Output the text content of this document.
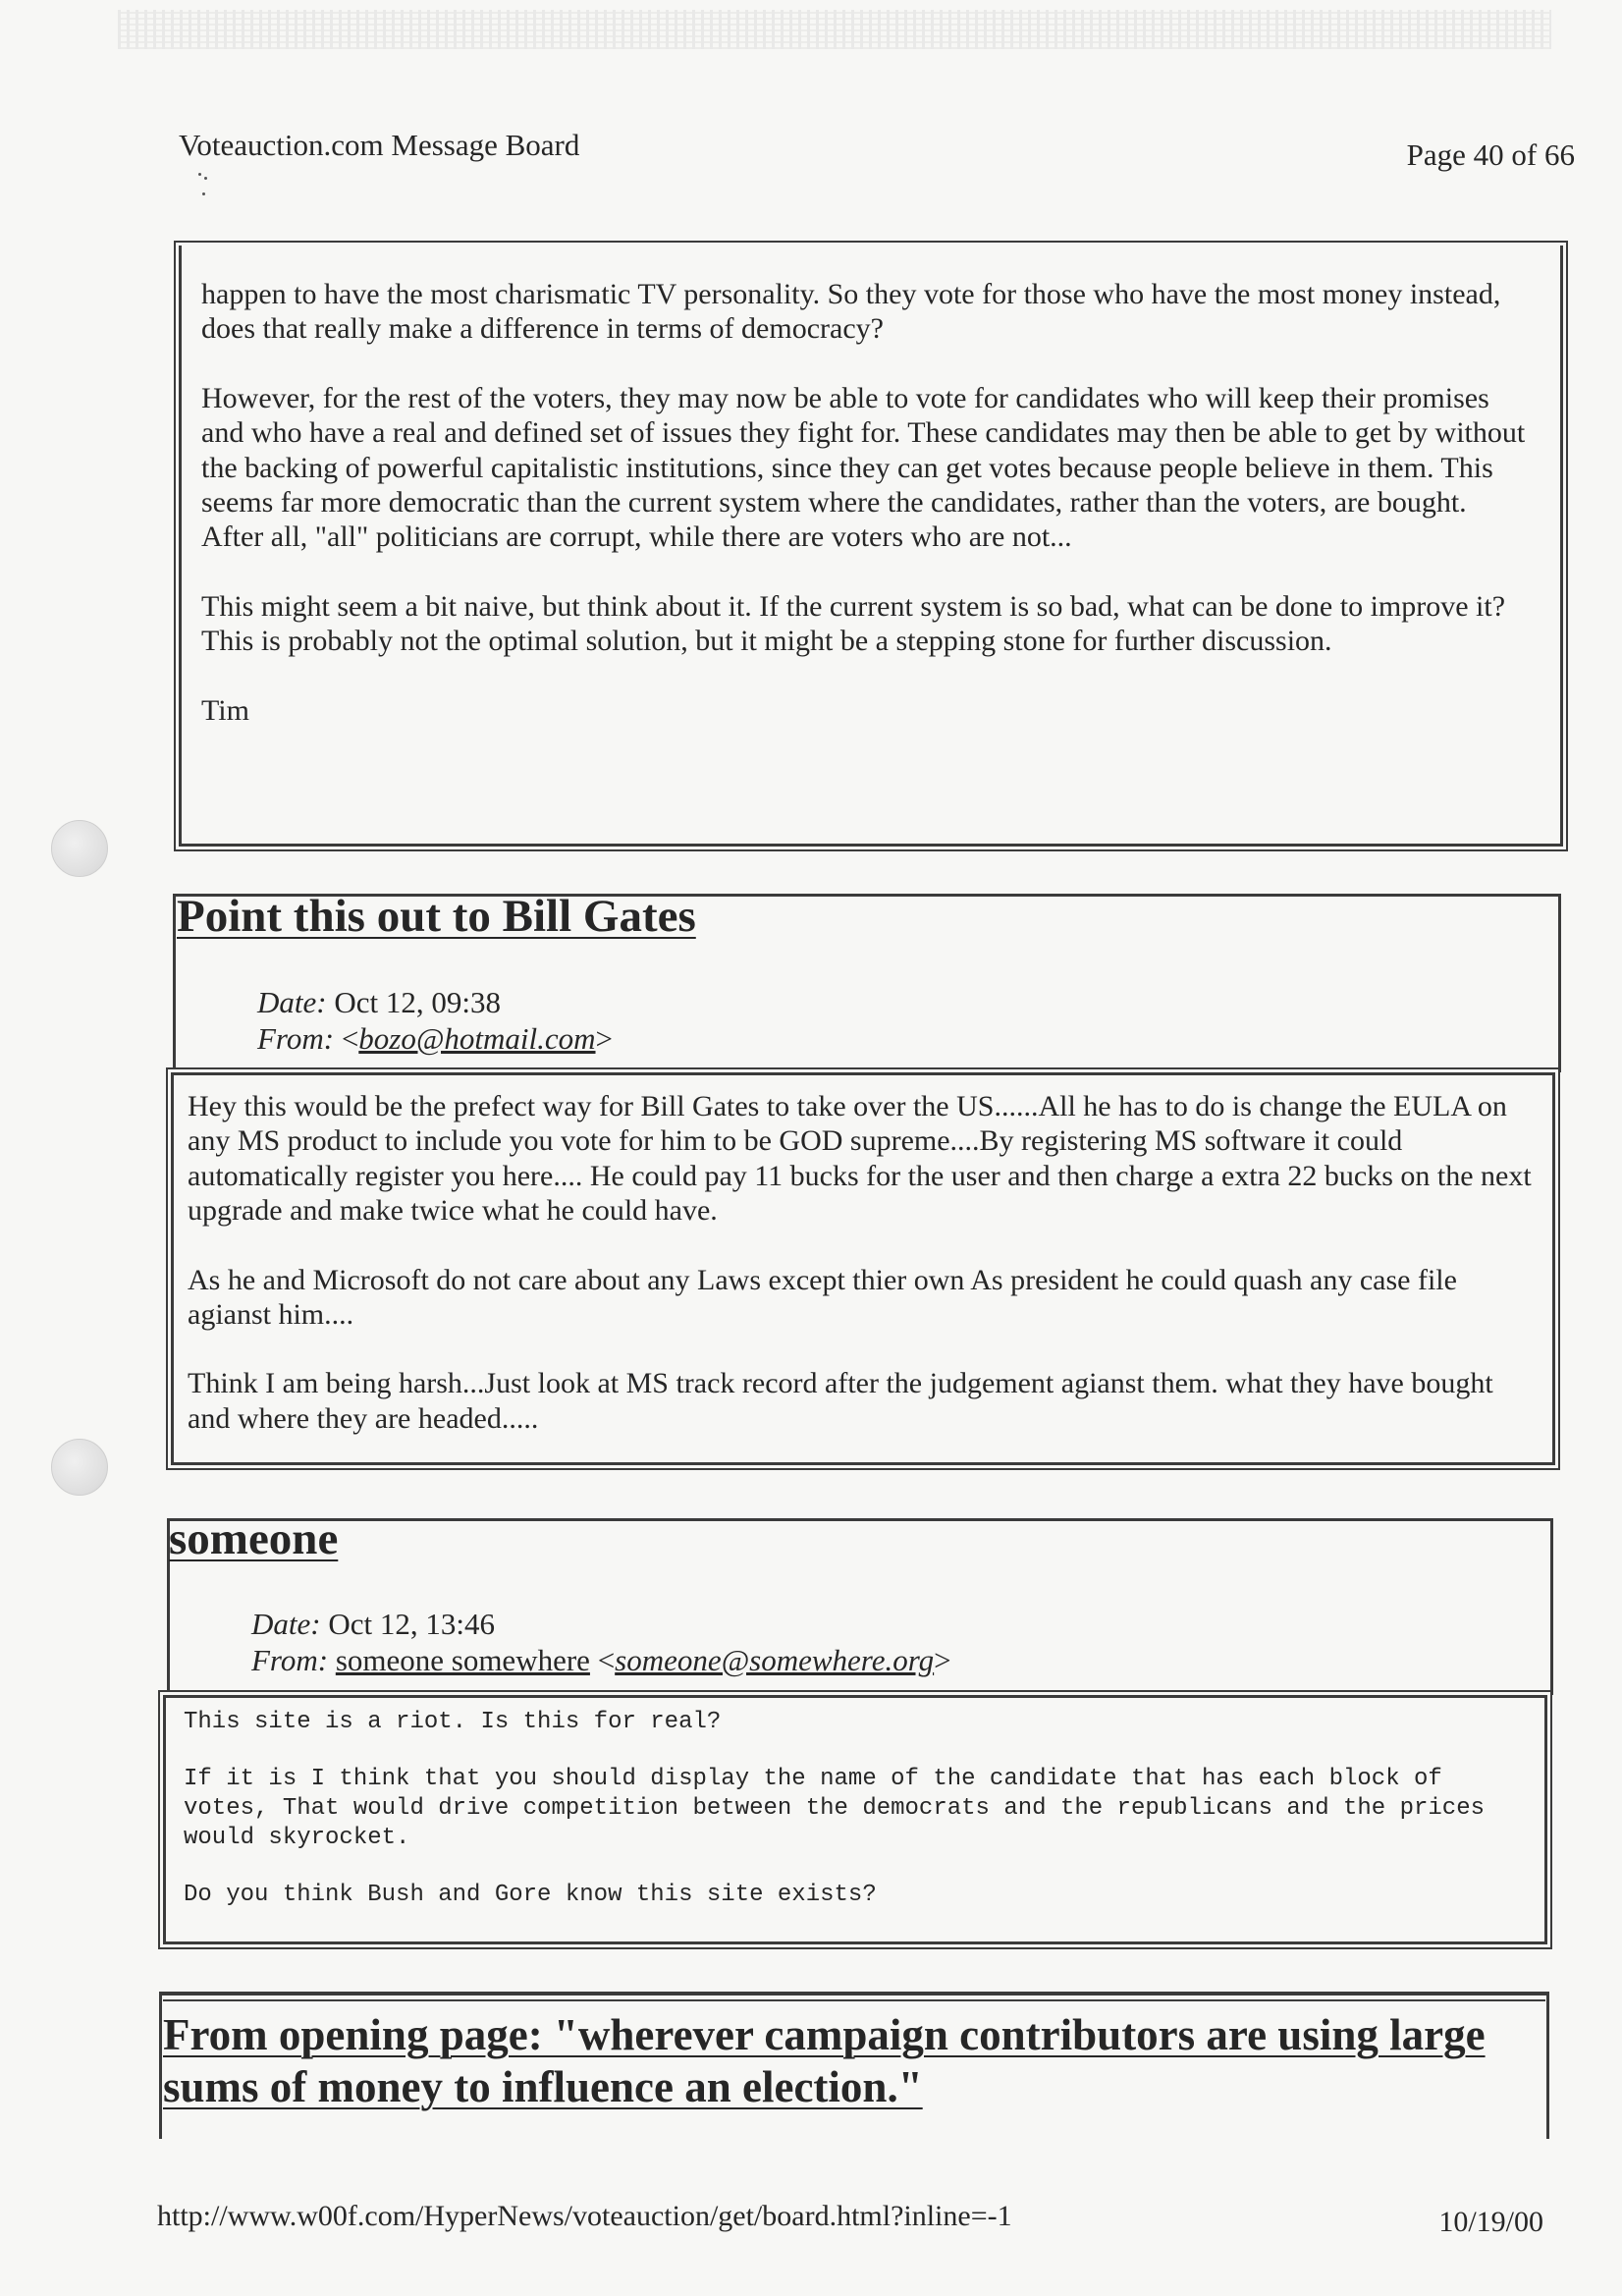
Voteauction.com Message Board	Page 40 of 66

happen to have the most charismatic TV personality. So they vote for those who have the most money instead, does that really make a difference in terms of democracy?

However, for the rest of the voters, they may now be able to vote for candidates who will keep their promises and who have a real and defined set of issues they fight for. These candidates may then be able to get by without the backing of powerful capitalistic institutions, since they can get votes because people believe in them. This seems far more democratic than the current system where the candidates, rather than the voters, are bought. After all, "all" politicians are corrupt, while there are voters who are not...

This might seem a bit naive, but think about it. If the current system is so bad, what can be done to improve it? This is probably not the optimal solution, but it might be a stepping stone for further discussion.

Tim

Point this out to Bill Gates
Date: Oct 12, 09:38
From: <bozo@hotmail.com>

Hey this would be the prefect way for Bill Gates to take over the US......All he has to do is change the EULA on any MS product to include you vote for him to be GOD supreme....By registering MS software it could automatically register you here.... He could pay 11 bucks for the user and then charge a extra 22 bucks on the next upgrade and make twice what he could have.

As he and Microsoft do not care about any Laws except thier own As president he could quash any case file agianst him....

Think I am being harsh...Just look at MS track record after the judgement agianst them. what they have bought and where they are headed.....

someone
Date: Oct 12, 13:46
From: someone somewhere <someone@somewhere.org>

This site is a riot. Is this for real?

If it is I think that you should display the name of the candidate that has each block of votes, That would drive competition between the democrats and the republicans and the prices would skyrocket.

Do you think Bush and Gore know this site exists?

From opening page: "wherever campaign contributors are using large sums of money to influence an election."
http://www.w00f.com/HyperNews/voteauction/get/board.html?inline=-1	10/19/00
